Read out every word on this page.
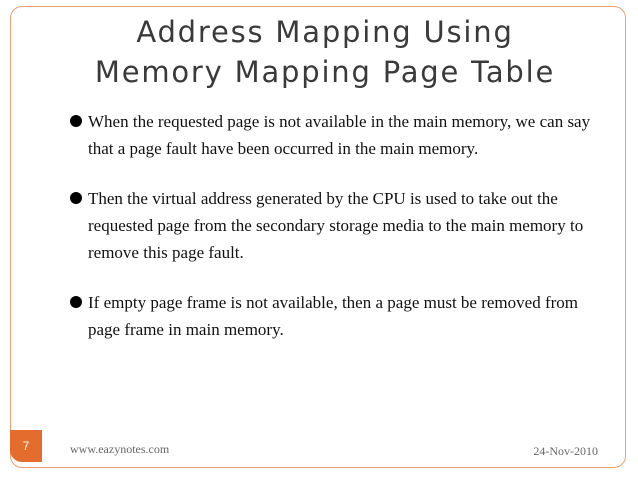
Address Mapping Using
Memory Mapping Page Table
When the requested page is not available in the main memory, we can say that a page fault have been occurred in the main memory.
Then the virtual address generated by the CPU is used to take out the requested page from the secondary storage media to the main memory to remove this page fault.
If empty page frame is not available, then a page must be removed from page frame in main memory.
7	www.eazynotes.com	24-Nov-2010
